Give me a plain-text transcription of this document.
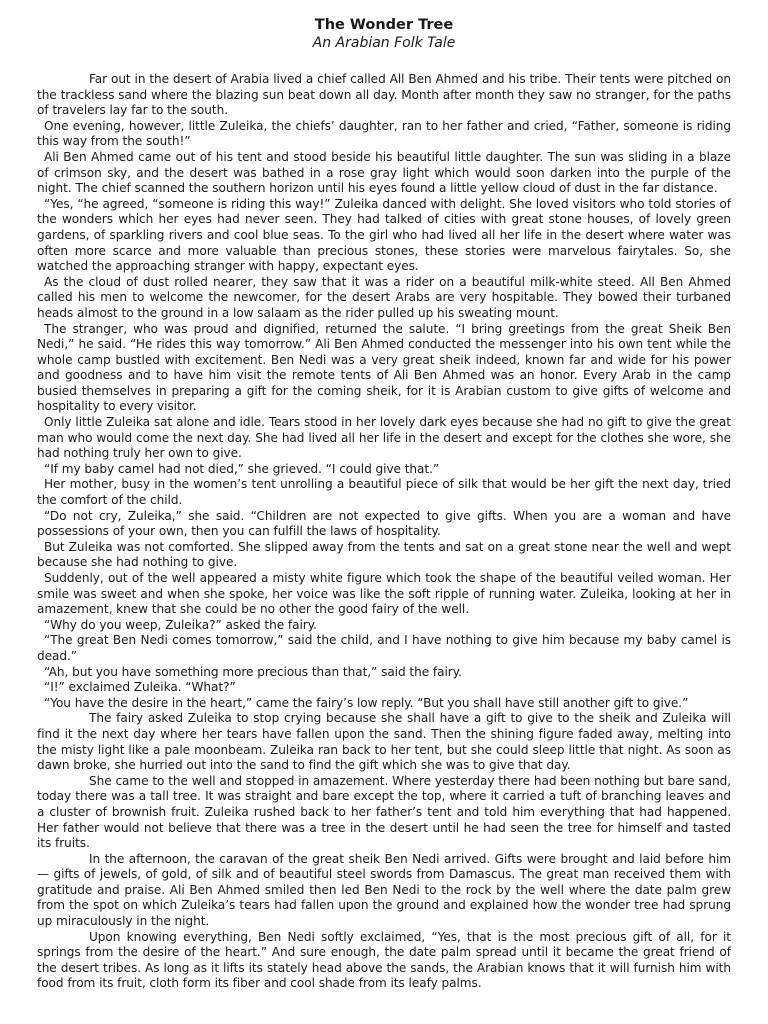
The Wonder Tree
An Arabian Folk Tale

Far out in the desert of Arabia lived a chief called All Ben Ahmed and his tribe. Their tents were pitched on the trackless sand where the blazing sun beat down all day. Month after month they saw no stranger, for the paths of travelers lay far to the south.

One evening, however, little Zuleika, the chiefs’ daughter, ran to her father and cried, “Father, someone is riding this way from the south!”

Ali Ben Ahmed came out of his tent and stood beside his beautiful little daughter. The sun was sliding in a blaze of crimson sky, and the desert was bathed in a rose gray light which would soon darken into the purple of the night. The chief scanned the southern horizon until his eyes found a little yellow cloud of dust in the far distance.

“Yes, “he agreed, “someone is riding this way!” Zuleika danced with delight. She loved visitors who told stories of the wonders which her eyes had never seen. They had talked of cities with great stone houses, of lovely green gardens, of sparkling rivers and cool blue seas. To the girl who had lived all her life in the desert where water was often more scarce and more valuable than precious stones, these stories were marvelous fairytales. So, she watched the approaching stranger with happy, expectant eyes.

As the cloud of dust rolled nearer, they saw that it was a rider on a beautiful milk-white steed. All Ben Ahmed called his men to welcome the newcomer, for the desert Arabs are very hospitable. They bowed their turbaned heads almost to the ground in a low salaam as the rider pulled up his sweating mount.

The stranger, who was proud and dignified, returned the salute. “I bring greetings from the great Sheik Ben Nedi,” he said. “He rides this way tomorrow.” Ali Ben Ahmed conducted the messenger into his own tent while the whole camp bustled with excitement. Ben Nedi was a very great sheik indeed, known far and wide for his power and goodness and to have him visit the remote tents of Ali Ben Ahmed was an honor. Every Arab in the camp busied themselves in preparing a gift for the coming sheik, for it is Arabian custom to give gifts of welcome and hospitality to every visitor.

Only little Zuleika sat alone and idle. Tears stood in her lovely dark eyes because she had no gift to give the great man who would come the next day. She had lived all her life in the desert and except for the clothes she wore, she had nothing truly her own to give.

“If my baby camel had not died,” she grieved. “I could give that.”

Her mother, busy in the women’s tent unrolling a beautiful piece of silk that would be her gift the next day, tried the comfort of the child.

“Do not cry, Zuleika,” she said. “Children are not expected to give gifts. When you are a woman and have possessions of your own, then you can fulfill the laws of hospitality.

But Zuleika was not comforted. She slipped away from the tents and sat on a great stone near the well and wept because she had nothing to give.

Suddenly, out of the well appeared a misty white figure which took the shape of the beautiful veiled woman. Her smile was sweet and when she spoke, her voice was like the soft ripple of running water. Zuleika, looking at her in amazement, knew that she could be no other the good fairy of the well.

“Why do you weep, Zuleika?” asked the fairy.

“The great Ben Nedi comes tomorrow,” said the child, and I have nothing to give him because my baby camel is dead.”

“Ah, but you have something more precious than that,” said the fairy.

“I!” exclaimed Zuleika. “What?”

“You have the desire in the heart,” came the fairy’s low reply. “But you shall have still another gift to give.”

The fairy asked Zuleika to stop crying because she shall have a gift to give to the sheik and Zuleika will find it the next day where her tears have fallen upon the sand. Then the shining figure faded away, melting into the misty light like a pale moonbeam. Zuleika ran back to her tent, but she could sleep little that night. As soon as dawn broke, she hurried out into the sand to find the gift which she was to give that day.

She came to the well and stopped in amazement. Where yesterday there had been nothing but bare sand, today there was a tall tree. It was straight and bare except the top, where it carried a tuft of branching leaves and a cluster of brownish fruit. Zuleika rushed back to her father’s tent and told him everything that had happened. Her father would not believe that there was a tree in the desert until he had seen the tree for himself and tasted its fruits.

In the afternoon, the caravan of the great sheik Ben Nedi arrived. Gifts were brought and laid before him — gifts of jewels, of gold, of silk and of beautiful steel swords from Damascus. The great man received them with gratitude and praise. Ali Ben Ahmed smiled then led Ben Nedi to the rock by the well where the date palm grew from the spot on which Zuleika’s tears had fallen upon the ground and explained how the wonder tree had sprung up miraculously in the night.

Upon knowing everything, Ben Nedi softly exclaimed, “Yes, that is the most precious gift of all, for it springs from the desire of the heart.” And sure enough, the date palm spread until it became the great friend of the desert tribes. As long as it lifts its stately head above the sands, the Arabian knows that it will furnish him with food from its fruit, cloth form its fiber and cool shade from its leafy palms.
